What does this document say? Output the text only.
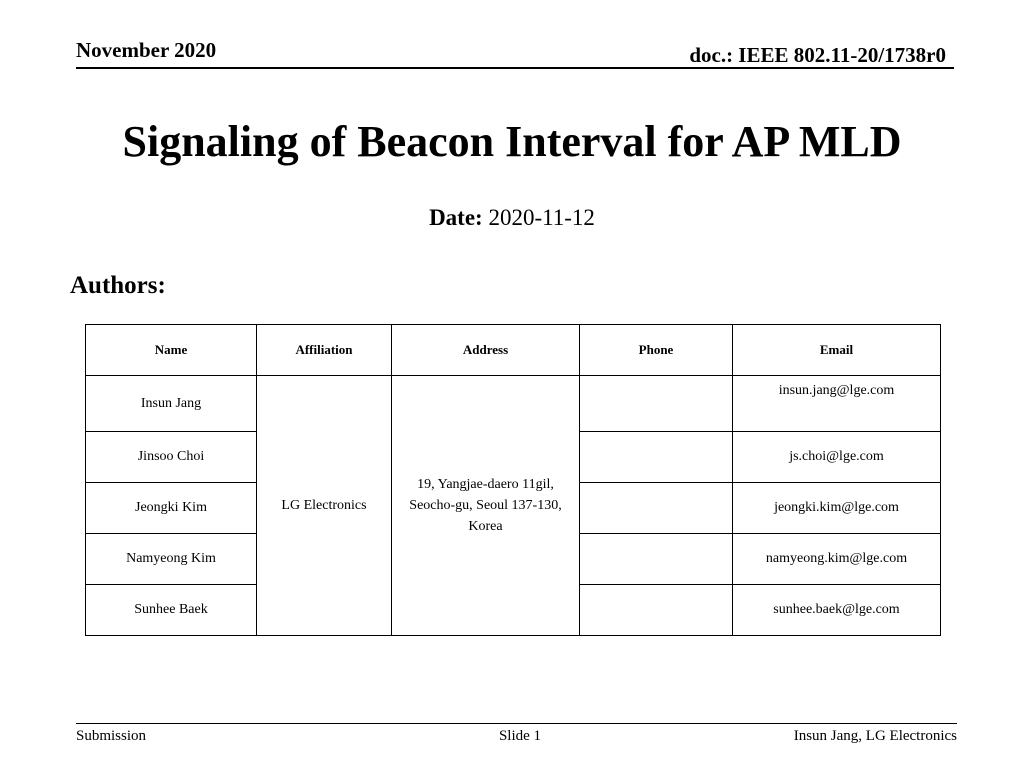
November 2020	doc.: IEEE 802.11-20/1738r0
Signaling of Beacon Interval for AP MLD
Date: 2020-11-12
Authors:
Name	Affiliation	Address	Phone	Email
Insun Jang	LG Electronics	19, Yangjae-daero 11gil, Seocho-gu, Seoul 137-130, Korea		insun.jang@lge.com
Jinsoo Choi				js.choi@lge.com
Jeongki Kim				jeongki.kim@lge.com
Namyeong Kim				namyeong.kim@lge.com
Sunhee Baek				sunhee.baek@lge.com
Submission	Slide 1	Insun Jang, LG Electronics
